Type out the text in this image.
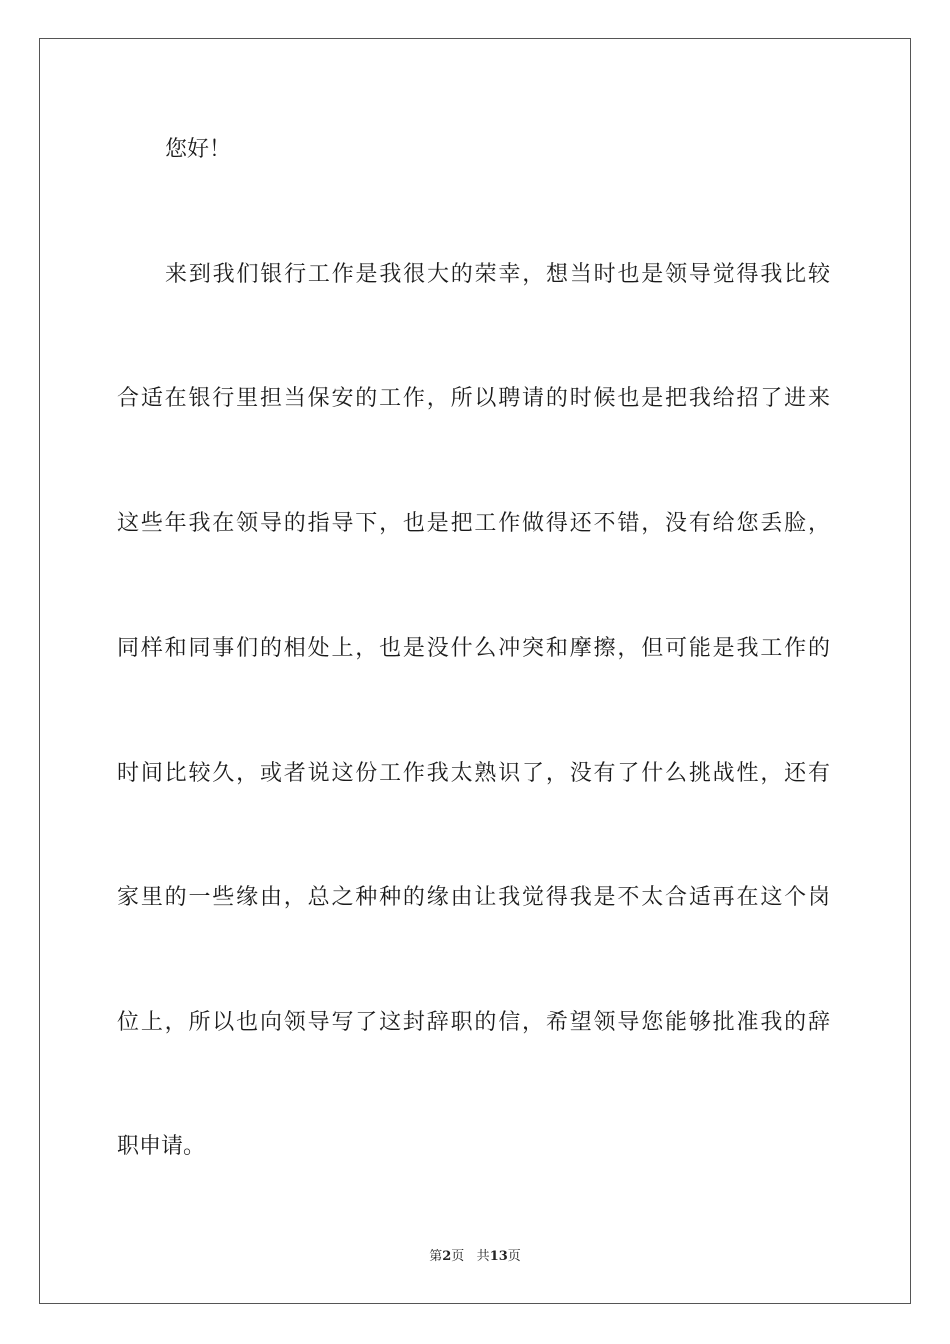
您好！
来到我们银行工作是我很大的荣幸，想当时也是领导觉得我比较
合适在银行里担当保安的工作，所以聘请的时候也是把我给招了进来
这些年我在领导的指导下，也是把工作做得还不错，没有给您丢脸，
同样和同事们的相处上，也是没什么冲突和摩擦，但可能是我工作的
时间比较久，或者说这份工作我太熟识了，没有了什么挑战性，还有
家里的一些缘由，总之种种的缘由让我觉得我是不太合适再在这个岗
位上，所以也向领导写了这封辞职的信，希望领导您能够批准我的辞
职申请。
第2页 共13页
